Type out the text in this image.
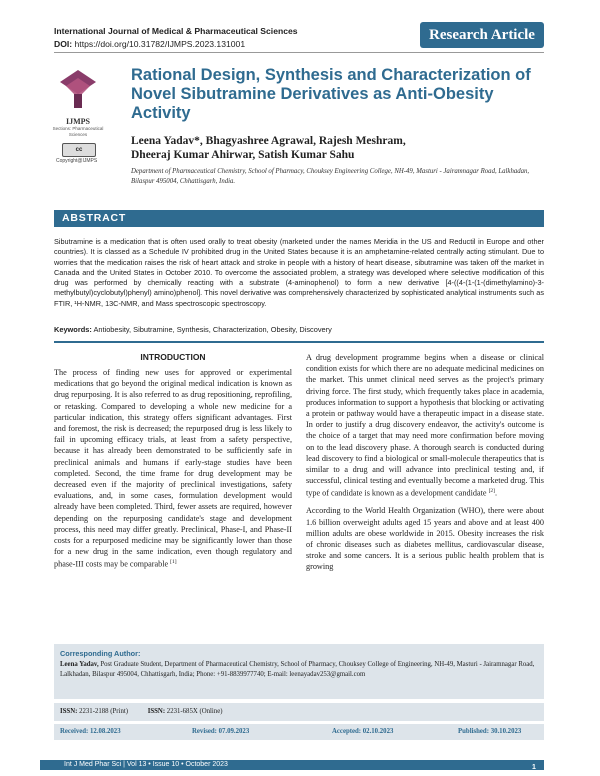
International Journal of Medical & Pharmaceutical Sciences
DOI: https://doi.org/10.31782/IJMPS.2023.131001
Research Article
IJMPS
Sections: Pharmaceutical Sciences
cc
Copyright@IJMPS
Rational Design, Synthesis and Characterization of Novel Sibutramine Derivatives as Anti-Obesity Activity
Leena Yadav*, Bhagyashree Agrawal, Rajesh Meshram,
Dheeraj Kumar Ahirwar, Satish Kumar Sahu
Department of Pharmaceutical Chemistry, School of Pharmacy, Chouksey Engineering College, NH-49, Masturi - Jairamnagar Road, Lalkhadan, Bilaspur 495004, Chhattisgarh, India.
ABSTRACT
Sibutramine is a medication that is often used orally to treat obesity (marketed under the names Meridia in the US and Reductil in Europe and other countries). It is classed as a Schedule IV prohibited drug in the United States because it is an amphetamine-related centrally acting stimulant. Due to worries that the medication raises the risk of heart attack and stroke in people with a history of heart disease, sibutramine was taken off the market in Canada and the United States in October 2010. To overcome the associated problem, a strategy was developed where selective modification of this drug was performed by chemically reacting with a substrate (4-aminophenol) to form a new derivative [4-((4-(1-(1-(dimethylamino)-3-methylbutyl)cyclobutyl)phenyl) amino)phenol]. This novel derivative was comprehensively characterized by sophisticated analytical instruments such as FTIR, ¹H-NMR, 13C-NMR, and Mass spectroscopic spectroscopy.
Keywords: Antiobesity, Sibutramine, Synthesis, Characterization, Obesity, Discovery
INTRODUCTION

The process of finding new uses for approved or experimental medications that go beyond the original medical indication is known as drug repurposing. It is also referred to as drug repositioning, reprofiling, or retasking. Compared to developing a whole new medicine for a particular indication, this strategy offers significant advantages. First and foremost, the risk is decreased; the repurposed drug is less likely to fail in upcoming efficacy trials, at least from a safety perspective, because it has already been demonstrated to be sufficiently safe in preclinical animals and humans if early-stage studies have been completed. Second, the time frame for drug development may be decreased even if the majority of preclinical investigations, safety evaluations, and, in some cases, formulation development would already have been completed. Third, fewer assets are required, however depending on the repurposing candidate's stage and development process, this need may differ greatly. Preclinical, Phase-I, and Phase-II costs for a repurposed medicine may be significantly lower than those for a new drug in the same indication, even though regulatory and phase-III costs may be comparable [1]

A drug development programme begins when a disease or clinical condition exists for which there are no adequate medicinal medicines on the market. This unmet clinical need serves as the project's primary driving force. The first study, which frequently takes place in academia, produces information to support a hypothesis that blocking or activating a protein or pathway would have a therapeutic impact in a disease state. In order to justify a drug discovery endeavor, the activity's outcome is the choice of a target that may need more confirmation before moving on to the lead discovery phase. A thorough search is conducted during lead discovery to find a biological or small-molecule therapeutics that is similar to a drug and will advance into preclinical testing and, if successful, clinical testing and eventually become a marketed drug. This type of candidate is known as a development candidate [2].

According to the World Health Organization (WHO), there were about 1.6 billion overweight adults aged 15 years and above and at least 400 million adults are obese worldwide in 2015. Obesity increases the risk of chronic diseases such as diabetes mellitus, cardiovascular disease, stroke and some cancers. It is a serious public health problem that is growing

Corresponding Author:
Leena Yadav, Post Graduate Student, Department of Pharmaceutical Chemistry, School of Pharmacy, Chouksey College of Engineering, NH-49, Masturi - Jairamnagar Road, Lalkhadan, Bilaspur 495004, Chhattisgarh, India; Phone: +91-8839977740; E-mail: leenayadav253@gmail.com
ISSN: 2231-2188 (Print)	ISSN: 2231-685X (Online)
Received: 12.08.2023	Revised: 07.09.2023	Accepted: 02.10.2023	Published: 30.10.2023
Int J Med Phar Sci | Vol 13 • Issue 10 • October 2023	1
